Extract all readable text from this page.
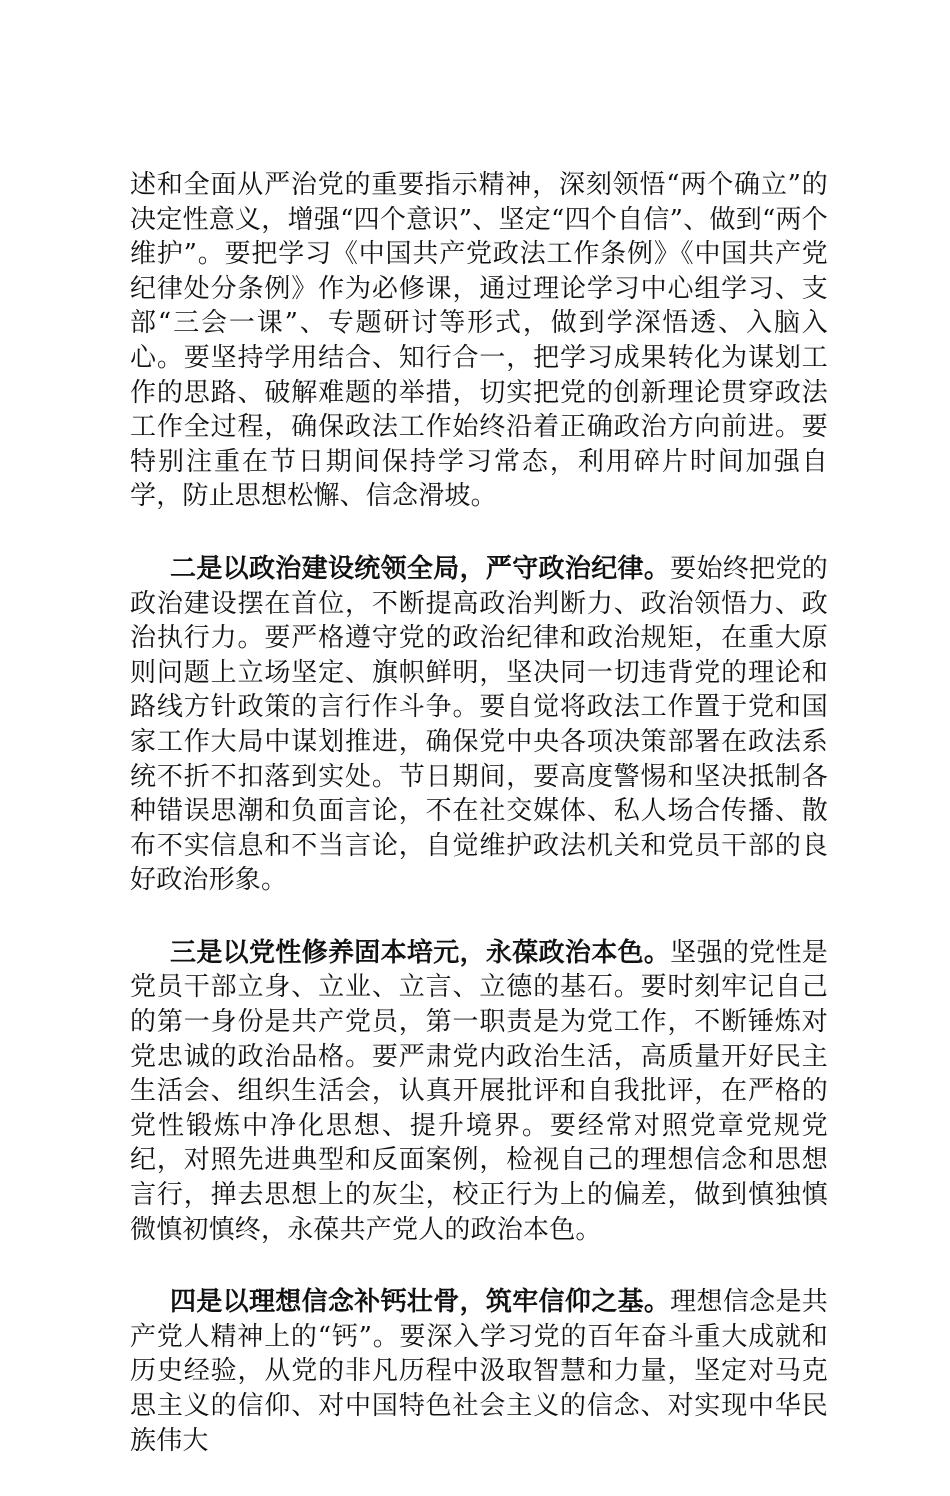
述和全面从严治党的重要指示精神，深刻领悟“两个确立”的决定性意义，增强“四个意识”、坚定“四个自信”、做到“两个维护”。要把学习《中国共产党政法工作条例》《中国共产党纪律处分条例》作为必修课，通过理论学习中心组学习、支部“三会一课”、专题研讨等形式，做到学深悟透、入脑入心。要坚持学用结合、知行合一，把学习成果转化为谋划工作的思路、破解难题的举措，切实把党的创新理论贯穿政法工作全过程，确保政法工作始终沿着正确政治方向前进。要特别注重在节日期间保持学习常态，利用碎片时间加强自学，防止思想松懈、信念滑坡。

二是以政治建设统领全局，严守政治纪律。要始终把党的政治建设摆在首位，不断提高政治判断力、政治领悟力、政治执行力。要严格遵守党的政治纪律和政治规矩，在重大原则问题上立场坚定、旗帜鲜明，坚决同一切违背党的理论和路线方针政策的言行作斗争。要自觉将政法工作置于党和国家工作大局中谋划推进，确保党中央各项决策部署在政法系统不折不扣落到实处。节日期间，要高度警惕和坚决抵制各种错误思潮和负面言论，不在社交媒体、私人场合传播、散布不实信息和不当言论，自觉维护政法机关和党员干部的良好政治形象。

三是以党性修养固本培元，永葆政治本色。坚强的党性是党员干部立身、立业、立言、立德的基石。要时刻牢记自己的第一身份是共产党员，第一职责是为党工作，不断锤炼对党忠诚的政治品格。要严肃党内政治生活，高质量开好民主生活会、组织生活会，认真开展批评和自我批评，在严格的党性锻炼中净化思想、提升境界。要经常对照党章党规党纪，对照先进典型和反面案例，检视自己的理想信念和思想言行，掸去思想上的灰尘，校正行为上的偏差，做到慎独慎微慎初慎终，永葆共产党人的政治本色。

四是以理想信念补钙壮骨，筑牢信仰之基。理想信念是共产党人精神上的“钙”。要深入学习党的百年奋斗重大成就和历史经验，从党的非凡历程中汲取智慧和力量，坚定对马克思主义的信仰、对中国特色社会主义的信念、对实现中华民族伟大
